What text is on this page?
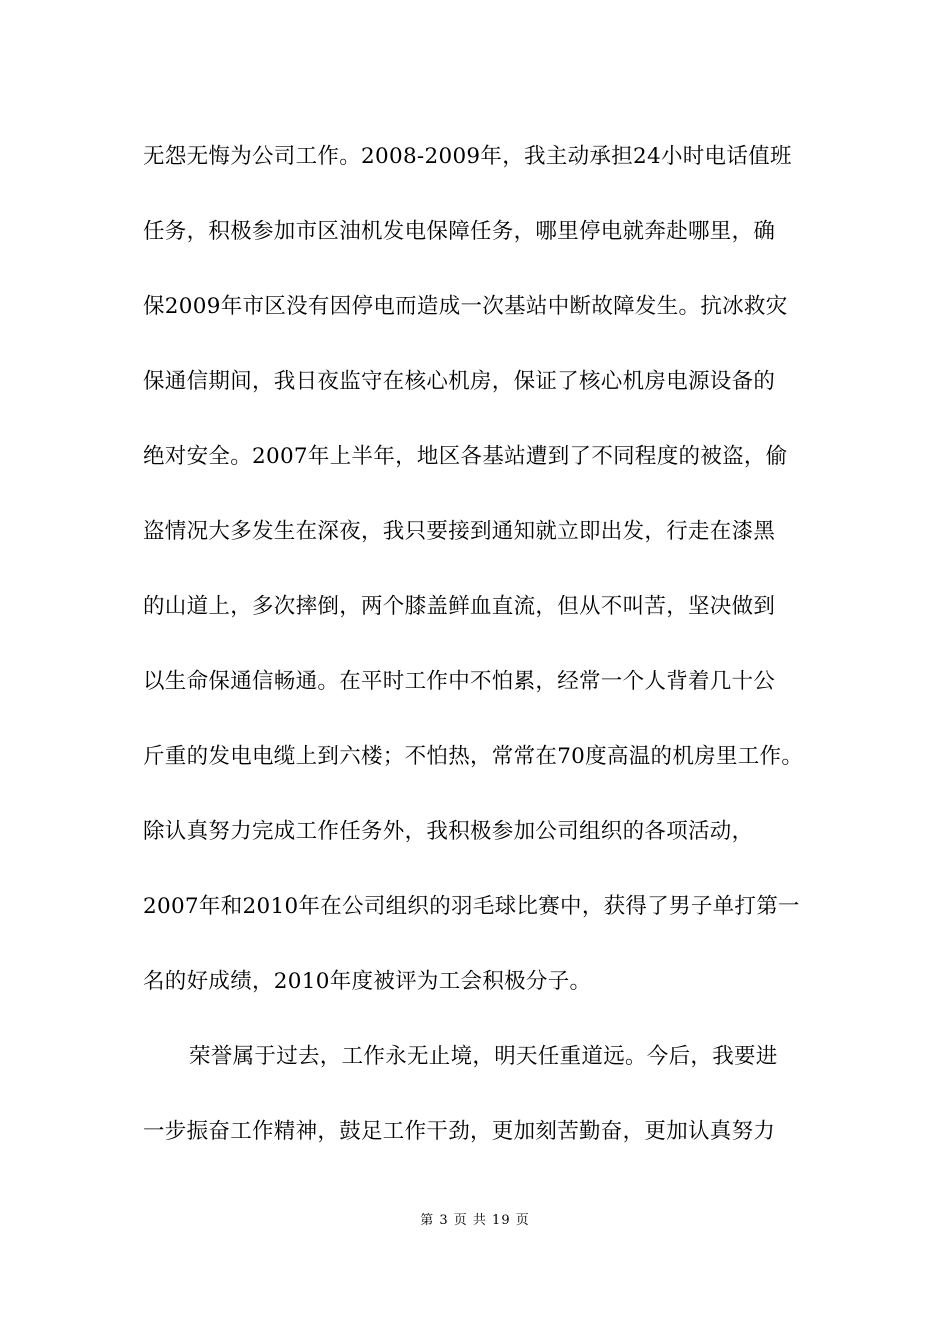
无怨无悔为公司工作。2008-2009年，我主动承担24小时电话值班
任务，积极参加市区油机发电保障任务，哪里停电就奔赴哪里，确
保2009年市区没有因停电而造成一次基站中断故障发生。抗冰救灾
保通信期间，我日夜监守在核心机房，保证了核心机房电源设备的
绝对安全。2007年上半年，地区各基站遭到了不同程度的被盗，偷
盗情况大多发生在深夜，我只要接到通知就立即出发，行走在漆黑
的山道上，多次摔倒，两个膝盖鲜血直流，但从不叫苦，坚决做到
以生命保通信畅通。在平时工作中不怕累，经常一个人背着几十公
斤重的发电电缆上到六楼；不怕热，常常在70度高温的机房里工作。
除认真努力完成工作任务外，我积极参加公司组织的各项活动，
2007年和2010年在公司组织的羽毛球比赛中，获得了男子单打第一
名的好成绩，2010年度被评为工会积极分子。
荣誉属于过去，工作永无止境，明天任重道远。今后，我要进
一步振奋工作精神，鼓足工作干劲，更加刻苦勤奋，更加认真努力
第 3 页 共 19 页
